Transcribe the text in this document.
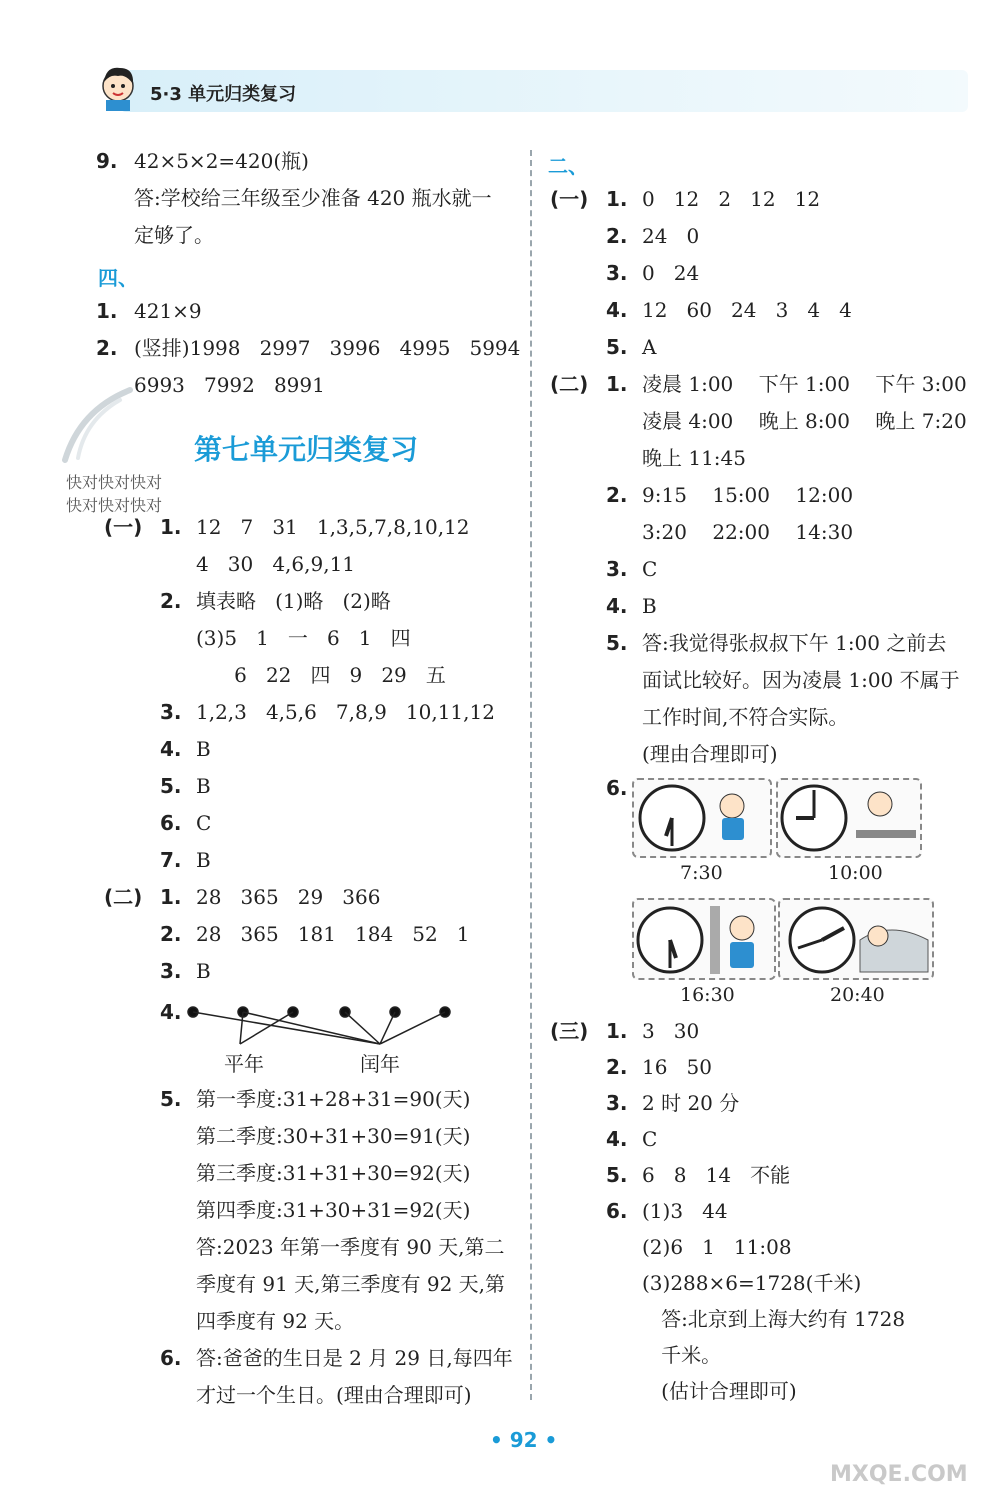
5·3 单元归类复习
9. 42×5×2=420(瓶)
答:学校给三年级至少准备 420 瓶水就一
定够了。
四、
1. 421×9
2. (竖排)1998   2997   3996   4995   5994
6993   7992   8991
第七单元归类复习
快对快对快对
快对快对快对
(一) 1. 12   7   31   1,3,5,7,8,10,12
4   30   4,6,9,11
2. 填表略   (1)略   (2)略
(3)5   1   一   6   1   四
6   22   四   9   29   五
3. 1,2,3   4,5,6   7,8,9   10,11,12
4. B
5. B
6. C
7. B
(二) 1. 28   365   29   366
2. 28   365   181   184   52   1
3. B
4.
平年	闰年
5. 第一季度:31+28+31=90(天)
第二季度:30+31+30=91(天)
第三季度:31+31+30=92(天)
第四季度:31+30+31=92(天)
答:2023 年第一季度有 90 天,第二
季度有 91 天,第三季度有 92 天,第
四季度有 92 天。
6. 答:爸爸的生日是 2 月 29 日,每四年
才过一个生日。(理由合理即可)
二、
(一) 1. 0   12   2   12   12
2. 24   0
3. 0   24
4. 12   60   24   3   4   4
5. A
(二) 1. 凌晨 1:00    下午 1:00    下午 3:00
凌晨 4:00    晚上 8:00    晚上 7:20
晚上 11:45
2. 9:15    15:00    12:00
3:20    22:00    14:30
3. C
4. B
5. 答:我觉得张叔叔下午 1:00 之前去
面试比较好。因为凌晨 1:00 不属于
工作时间,不符合实际。
(理由合理即可)
6.
7:30	10:00
16:30	20:40
(三) 1. 3   30
2. 16   50
3. 2 时 20 分
4. C
5. 6   8   14   不能
6. (1)3   44
(2)6   1   11:08
(3)288×6=1728(千米)
答:北京到上海大约有 1728
千米。
(估计合理即可)
• 92 •
MXQE.COM
